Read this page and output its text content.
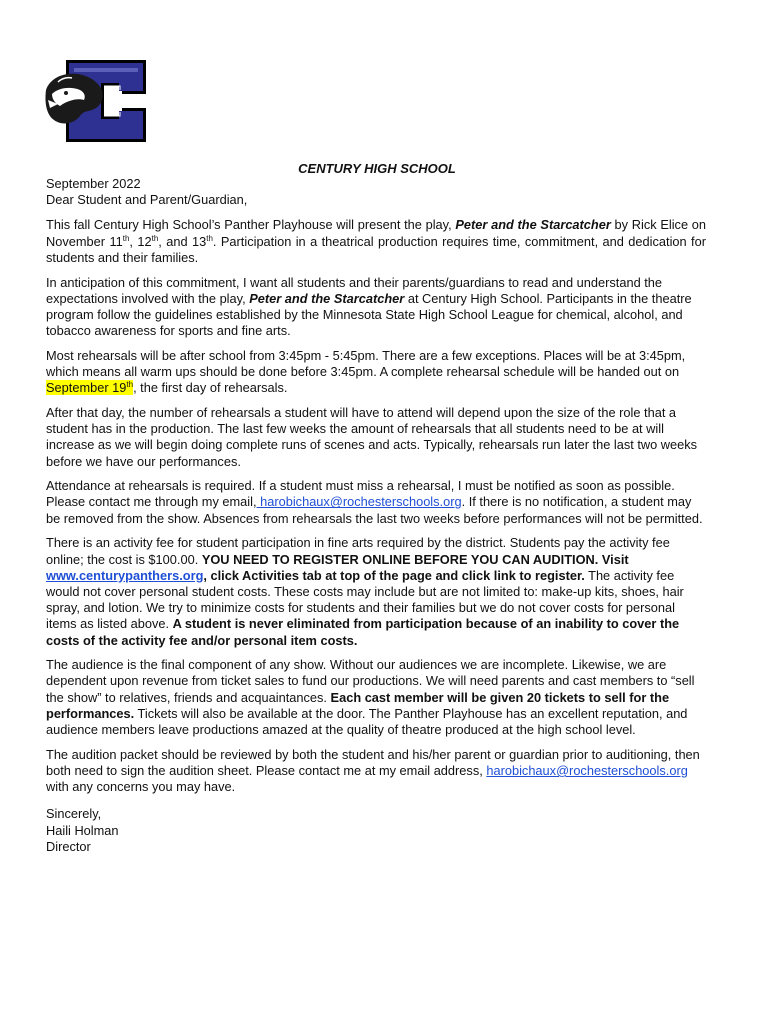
CENTURY HIGH SCHOOL

September 2022

Dear Student and Parent/Guardian,

This fall Century High School’s Panther Playhouse will present the play, Peter and the Starcatcher by Rick Elice on November 11th, 12th, and 13th. Participation in a theatrical production requires time, commitment, and dedication for students and their families.

In anticipation of this commitment, I want all students and their parents/guardians to read and understand the expectations involved with the play, Peter and the Starcatcher at Century High School. Participants in the theatre program follow the guidelines established by the Minnesota State High School League for chemical, alcohol, and tobacco awareness for sports and fine arts.

Most rehearsals will be after school from 3:45pm - 5:45pm. There are a few exceptions. Places will be at 3:45pm, which means all warm ups should be done before 3:45pm. A complete rehearsal schedule will be handed out on September 19th, the first day of rehearsals.

After that day, the number of rehearsals a student will have to attend will depend upon the size of the role that a student has in the production. The last few weeks the amount of rehearsals that all students need to be at will increase as we will begin doing complete runs of scenes and acts. Typically, rehearsals run later the last two weeks before we have our performances.

Attendance at rehearsals is required. If a student must miss a rehearsal, I must be notified as soon as possible. Please contact me through my email, harobichaux@rochesterschools.org. If there is no notification, a student may be removed from the show. Absences from rehearsals the last two weeks before performances will not be permitted.

There is an activity fee for student participation in fine arts required by the district. Students pay the activity fee online; the cost is $100.00. YOU NEED TO REGISTER ONLINE BEFORE YOU CAN AUDITION. Visit www.centurypanthers.org, click Activities tab at top of the page and click link to register. The activity fee would not cover personal student costs. These costs may include but are not limited to: make-up kits, shoes, hair spray, and lotion. We try to minimize costs for students and their families but we do not cover costs for personal items as listed above. A student is never eliminated from participation because of an inability to cover the costs of the activity fee and/or personal item costs.

The audience is the final component of any show. Without our audiences we are incomplete. Likewise, we are dependent upon revenue from ticket sales to fund our productions. We will need parents and cast members to “sell the show” to relatives, friends and acquaintances. Each cast member will be given 20 tickets to sell for the performances. Tickets will also be available at the door. The Panther Playhouse has an excellent reputation, and audience members leave productions amazed at the quality of theatre produced at the high school level.

The audition packet should be reviewed by both the student and his/her parent or guardian prior to auditioning, then both need to sign the audition sheet. Please contact me at my email address, harobichaux@rochesterschools.org with any concerns you may have.

Sincerely,

Haili Holman

Director
